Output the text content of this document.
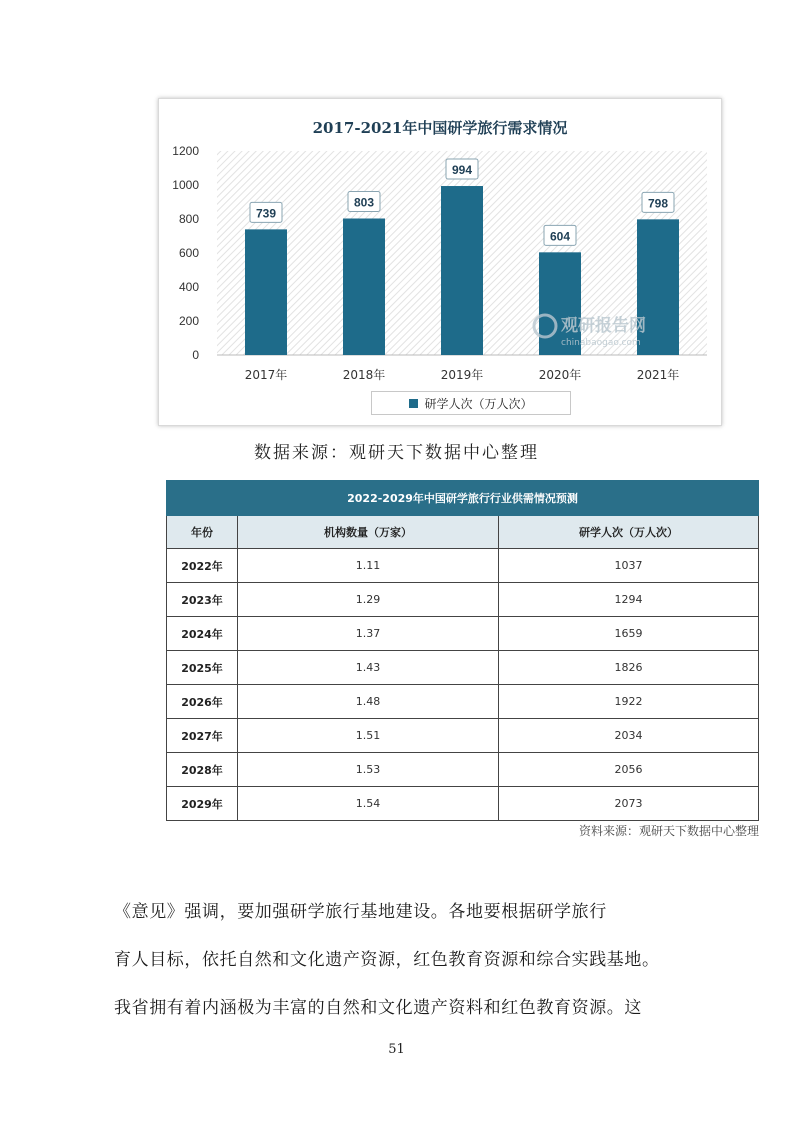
2017-2021年中国研学旅行需求情况
0
200
400
600
800
1000
1200
739
2017年
803
2018年
994
2019年
604
2020年
798
2021年
观研报告网
chinabaogao.com
研学人次（万人次）
数据来源：观研天下数据中心整理
2022-2029年中国研学旅行行业供需情况预测		
年份	机构数量（万家）	研学人次（万人次）
2022年	1.11	1037
2023年	1.29	1294
2024年	1.37	1659
2025年	1.43	1826
2026年	1.48	1922
2027年	1.51	2034
2028年	1.53	2056
2029年	1.54	2073
资料来源：观研天下数据中心整理
《意见》强调，要加强研学旅行基地建设。各地要根据研学旅行
育人目标，依托自然和文化遗产资源，红色教育资源和综合实践基地。
我省拥有着内涵极为丰富的自然和文化遗产资料和红色教育资源。这
51
